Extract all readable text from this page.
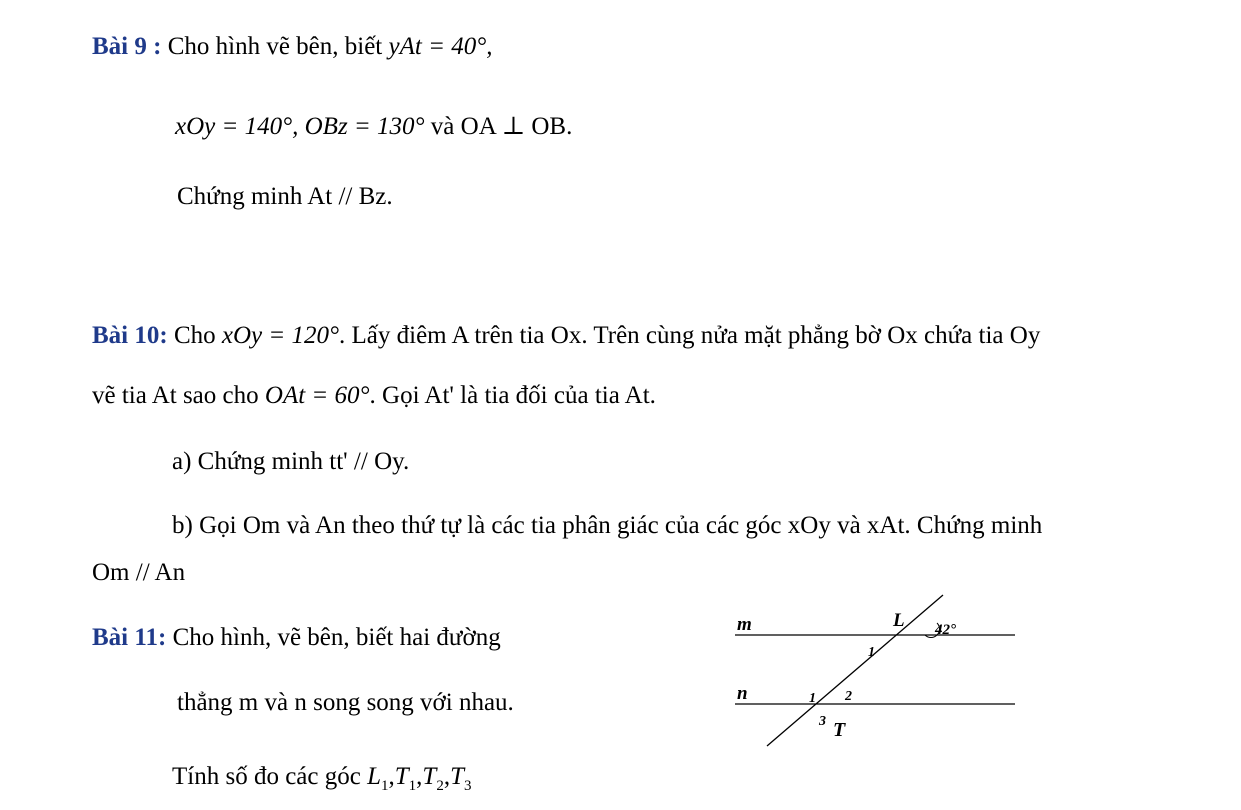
Bài 9 : Cho hình vẽ bên, biết yAt = 40°,
xOy = 140°, OBz = 130° và OA ⊥ OB.
Chứng minh At // Bz.
Bài 10: Cho xOy = 120°. Lấy điêm A trên tia Ox. Trên cùng nửa mặt phẳng bờ Ox chứa tia Oy
vẽ tia At sao cho OAt = 60°. Gọi At' là tia đối của tia At.
a) Chứng minh tt' // Oy.
b) Gọi Om và An theo thứ tự là các tia phân giác của các góc xOy và xAt. Chứng minh
Om // An
Bài 11: Cho hình, vẽ bên, biết hai đường
thẳng m và n song song với nhau.
Tính số đo các góc $L_1,T_1,T_2,T_3$
m
n
L 42°
1
1 2
3 T
